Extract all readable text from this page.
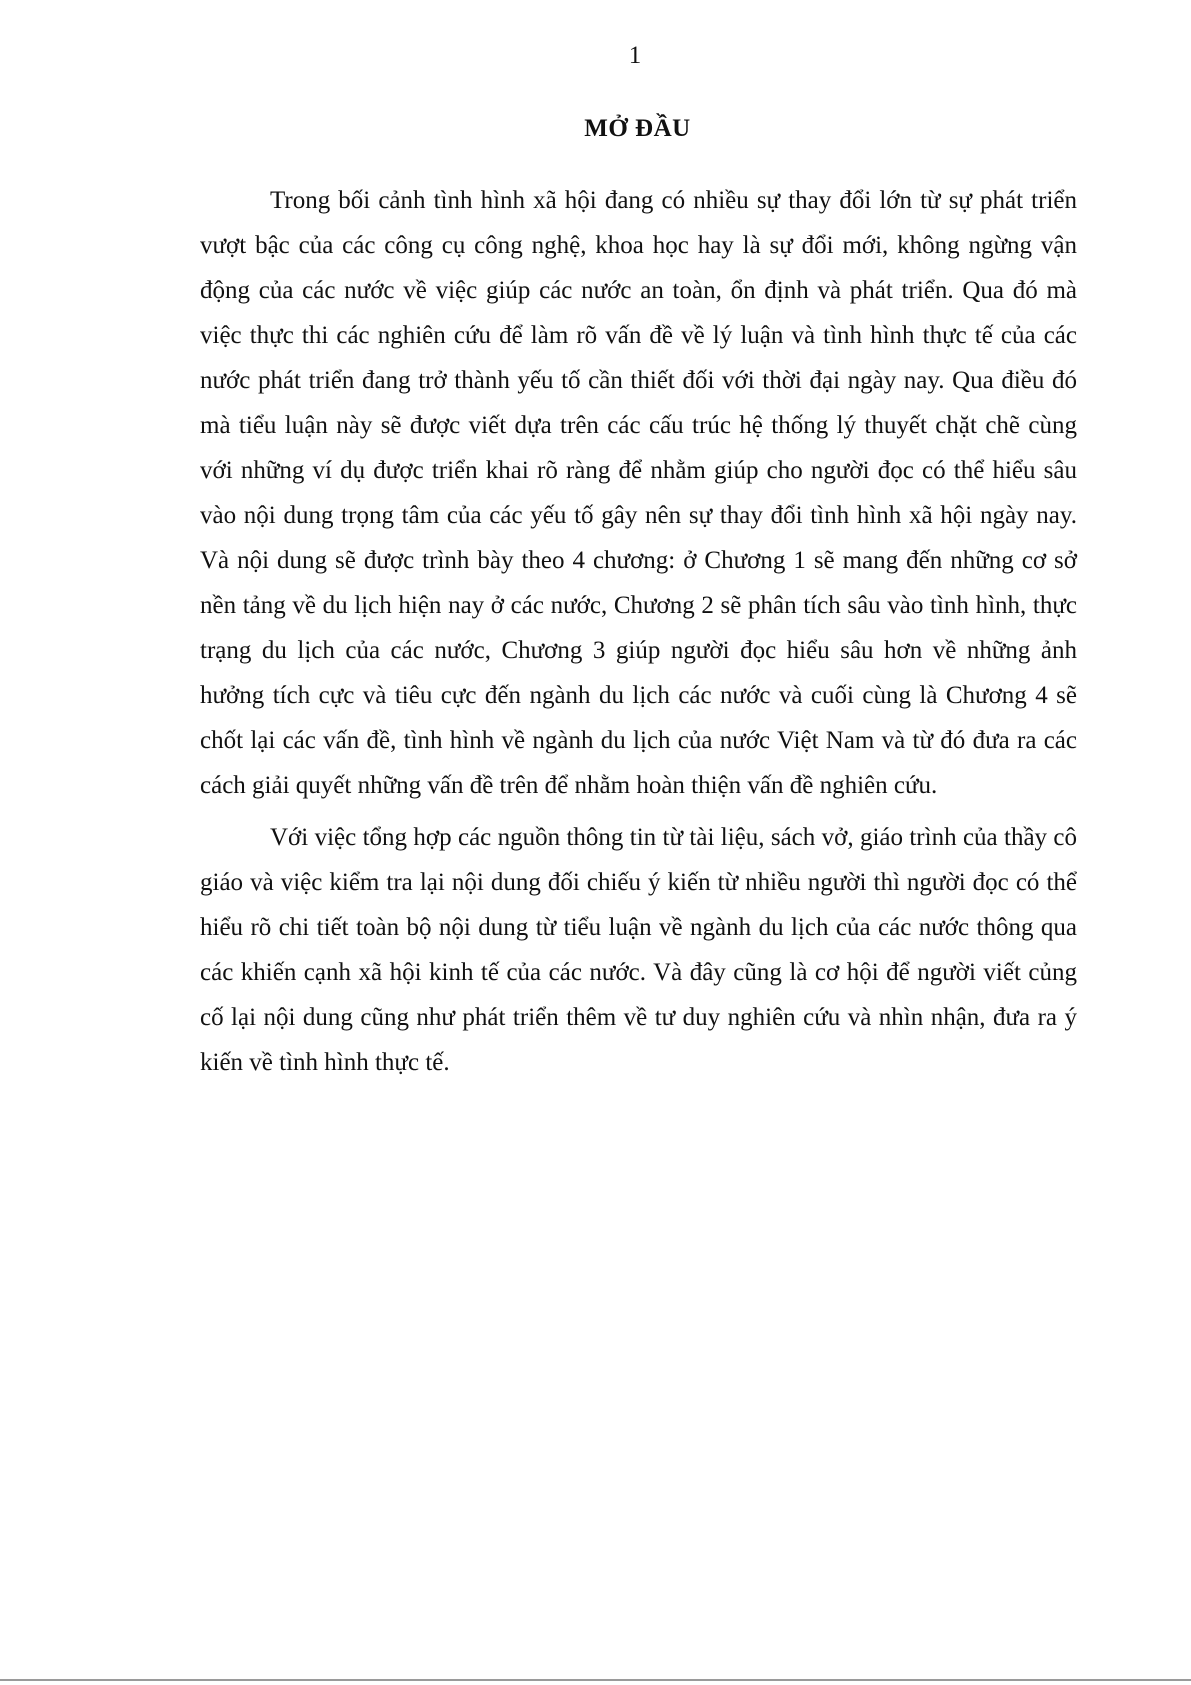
1
MỞ ĐẦU

Trong bối cảnh tình hình xã hội đang có nhiều sự thay đổi lớn từ sự phát triển vượt bậc của các công cụ công nghệ, khoa học hay là sự đổi mới, không ngừng vận động của các nước về việc giúp các nước an toàn, ổn định và phát triển. Qua đó mà việc thực thi các nghiên cứu để làm rõ vấn đề về lý luận và tình hình thực tế của các nước phát triển đang trở thành yếu tố cần thiết đối với thời đại ngày nay. Qua điều đó mà tiểu luận này sẽ được viết dựa trên các cấu trúc hệ thống lý thuyết chặt chẽ cùng với những ví dụ được triển khai rõ ràng để nhằm giúp cho người đọc có thể hiểu sâu vào nội dung trọng tâm của các yếu tố gây nên sự thay đổi tình hình xã hội ngày nay. Và nội dung sẽ được trình bày theo 4 chương: ở Chương 1 sẽ mang đến những cơ sở nền tảng về du lịch hiện nay ở các nước, Chương 2 sẽ phân tích sâu vào tình hình, thực trạng du lịch của các nước, Chương 3 giúp người đọc hiểu sâu hơn về những ảnh hưởng tích cực và tiêu cực đến ngành du lịch các nước và cuối cùng là Chương 4 sẽ chốt lại các vấn đề, tình hình về ngành du lịch của nước Việt Nam và từ đó đưa ra các cách giải quyết những vấn đề trên để nhằm hoàn thiện vấn đề nghiên cứu.

Với việc tổng hợp các nguồn thông tin từ tài liệu, sách vở, giáo trình của thầy cô giáo và việc kiểm tra lại nội dung đối chiếu ý kiến từ nhiều người thì người đọc có thể hiểu rõ chi tiết toàn bộ nội dung từ tiểu luận về ngành du lịch của các nước thông qua các khiến cạnh xã hội kinh tế của các nước. Và đây cũng là cơ hội để người viết củng cố lại nội dung cũng như phát triển thêm về tư duy nghiên cứu và nhìn nhận, đưa ra ý kiến về tình hình thực tế.
